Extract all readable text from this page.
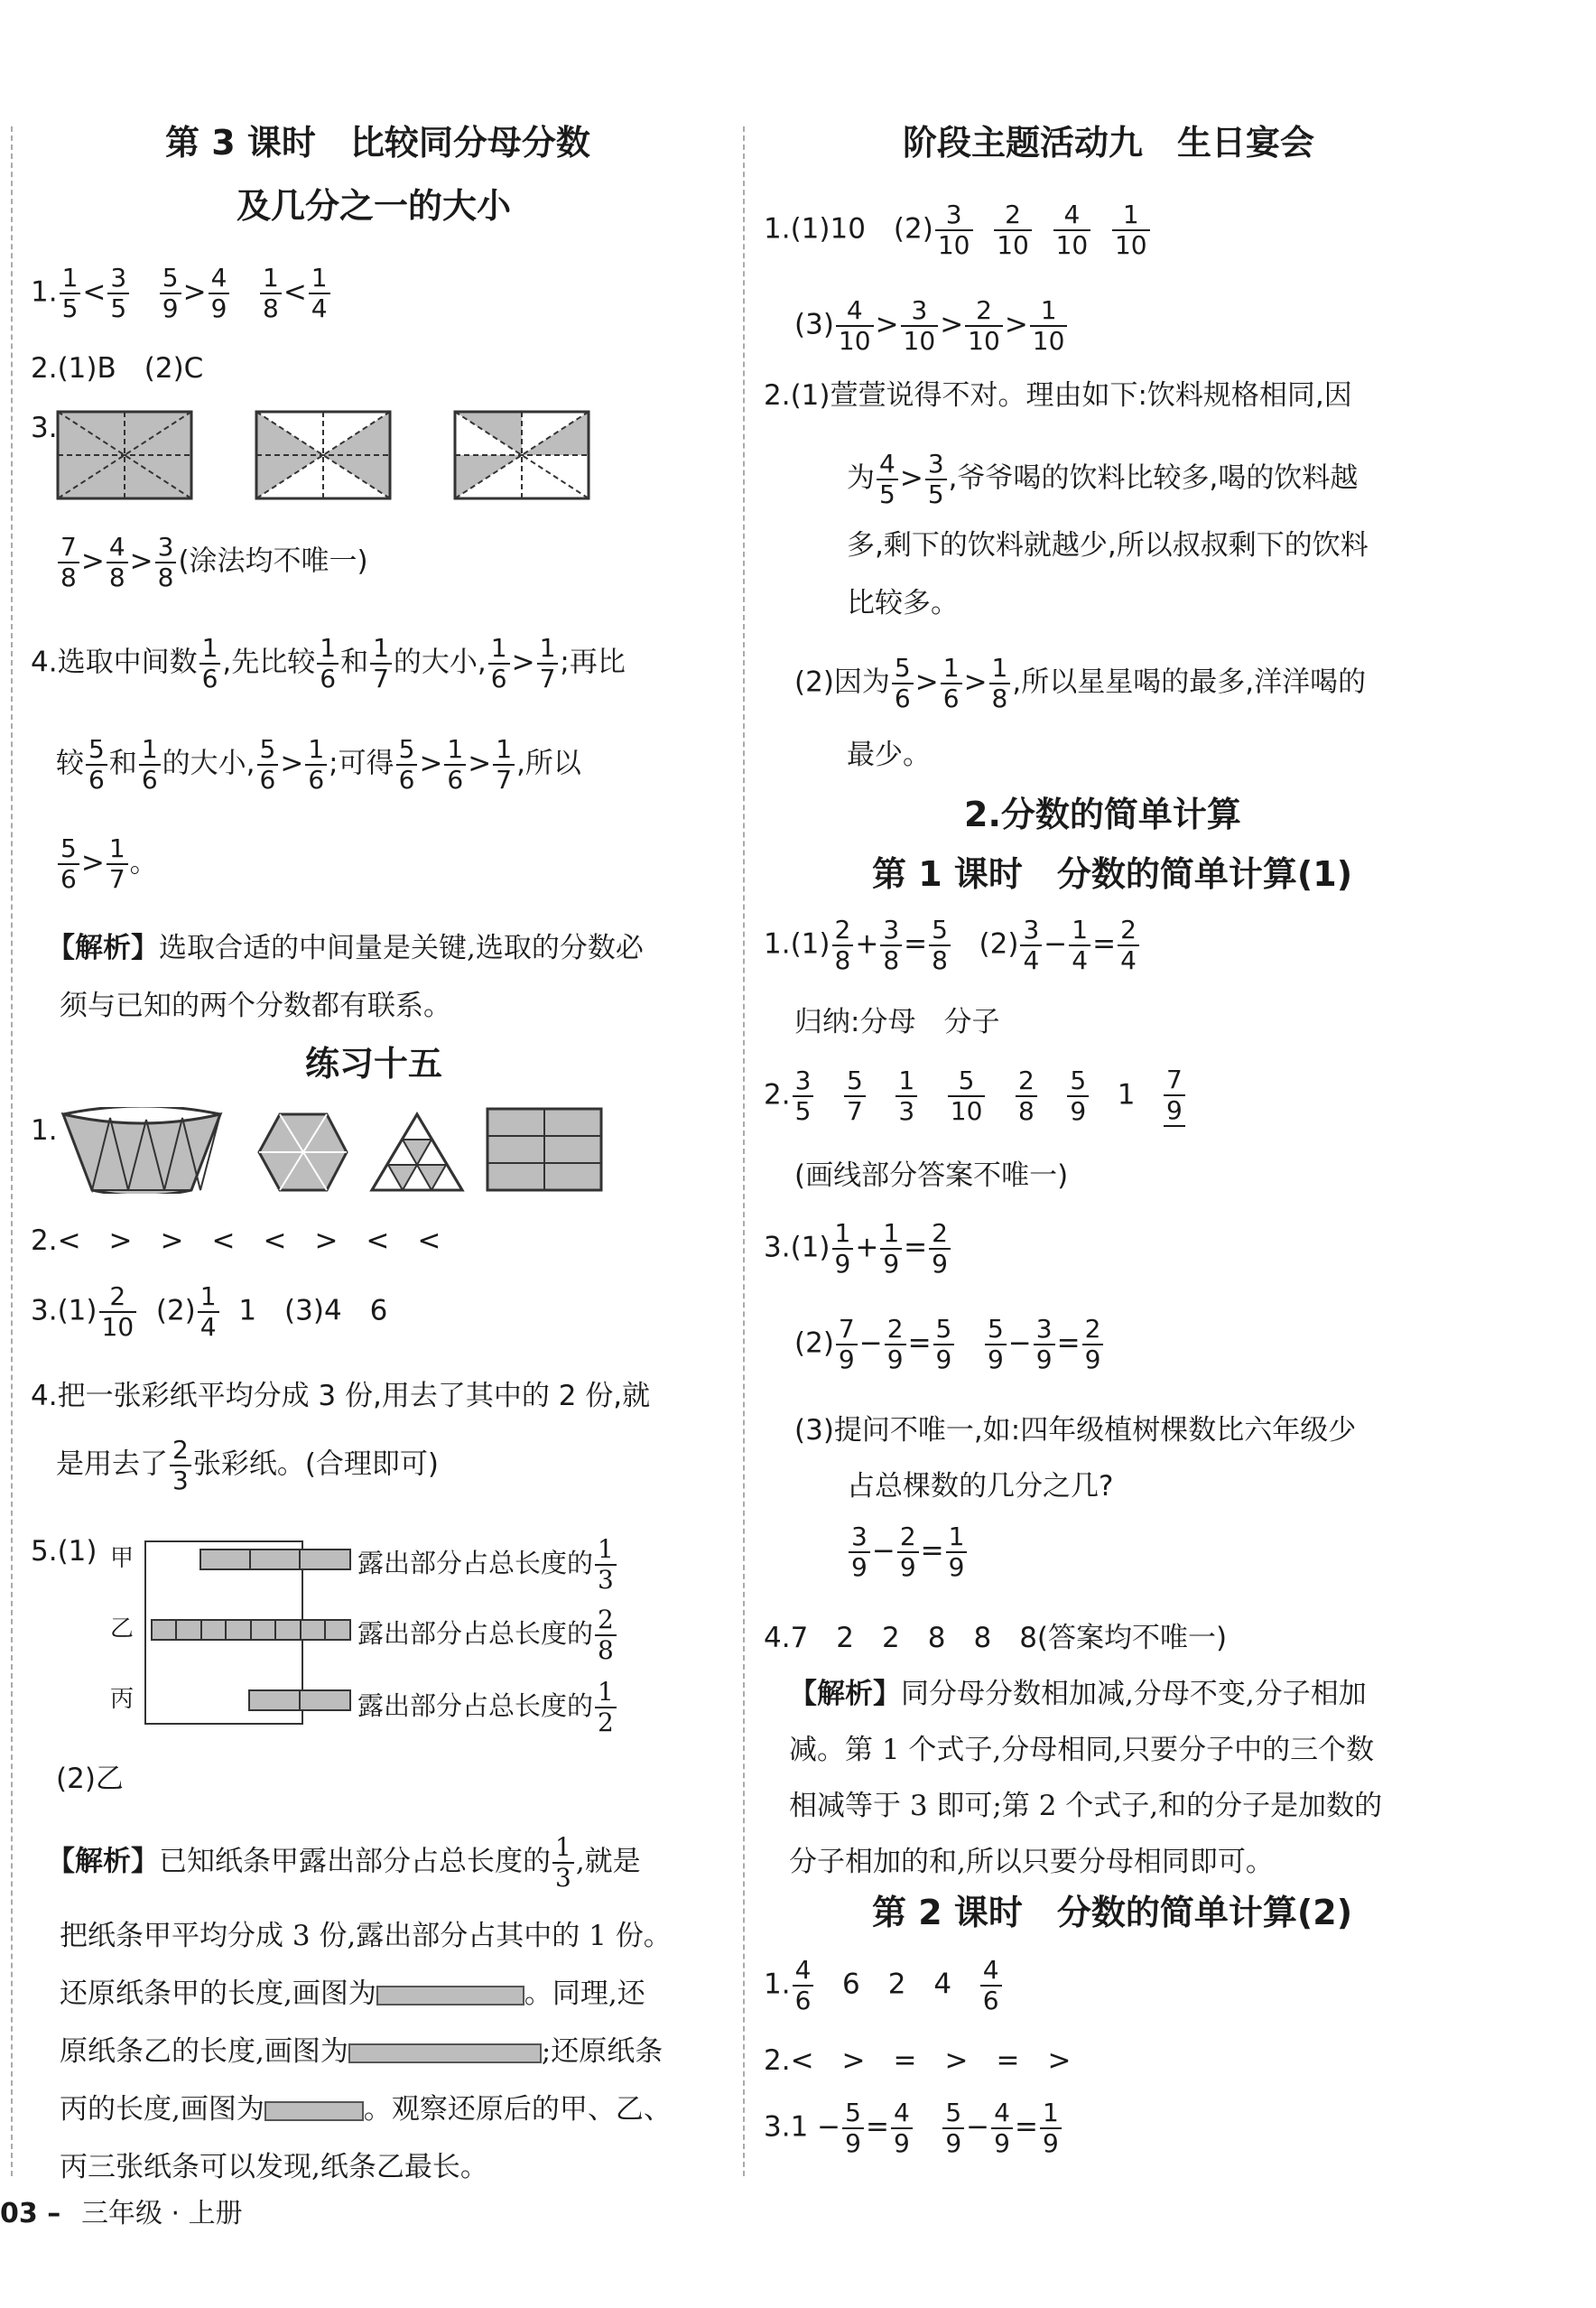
第 3 课时　比较同分母分数
及几分之一的大小
1. $\frac{1}{5} < \frac{3}{5}$
$\frac{5}{9} > \frac{4}{9}$
$\frac{1}{8} < \frac{1}{4}$
2.(1)B　(2)C
3.
$\frac{7}{8} > \frac{4}{8} > \frac{3}{8}$ (涂法均不唯一)
4.选取中间数 $\frac{1}{6}$ ,先比较 $\frac{1}{6}$ 和 $\frac{1}{7}$ 的大小, $\frac{1}{6} > \frac{1}{7}$ ;再比
较 $\frac{5}{6}$ 和 $\frac{1}{6}$ 的大小, $\frac{5}{6} > \frac{1}{6}$ ;可得 $\frac{5}{6} > \frac{1}{6} > \frac{1}{7}$ ,所以
$\frac{5}{6} > \frac{1}{7}$ 。
【解析】选取合适的中间量是关键,选取的分数必
须与已知的两个分数都有联系。
练习十五
1.
2.<　>　>　<　<　>　<　<
$3.(1) \frac{2}{10} (2) \frac{1}{4} 1$　(3)4　6
4.把一张彩纸平均分成 3 份,用去了其中的 2 份,就
是用去了 $\frac{2}{3}$ 张彩纸。(合理即可)
5.(1) 甲
乙
丙
露出部分占总长度的 $\frac{1}{3}$
露出部分占总长度的 $\frac{2}{8}$
露出部分占总长度的 $\frac{1}{2}$
(2)乙
【解析】已知纸条甲露出部分占总长度的 $\frac{1}{3}$ ,就是
把纸条甲平均分成 3 份,露出部分占其中的 1 份。
还原纸条甲的长度,画图为	。同理,还
原纸条乙的长度,画图为	;还原纸条
丙的长度,画图为	。观察还原后的甲、乙、
丙三张纸条可以发现,纸条乙最长。
03 – 三年级 · 上册
阶段主题活动九　生日宴会
1.(1)10　$(2) \frac{3}{10}$
$\frac{2}{10}$
$\frac{4}{10}$
$\frac{1}{10}$
$(3) \frac{4}{10} > \frac{3}{10} > \frac{2}{10} > \frac{1}{10}$
2.(1)萱萱说得不对。理由如下:饮料规格相同,因
为 $\frac{4}{5} > \frac{3}{5}$ ,爷爷喝的饮料比较多,喝的饮料越
多,剩下的饮料就越少,所以叔叔剩下的饮料
比较多。
(2)因为 $\frac{5}{6} > \frac{1}{6} > \frac{1}{8}$ ,所以星星喝的最多,洋洋喝的
最少。
2.分数的简单计算
第 1 课时　分数的简单计算(1)
$1.(1) \frac{2}{8} + \frac{3}{8} = \frac{5}{8} (2) \frac{3}{4} - \frac{1}{4} = \frac{2}{4}$
归纳:分母　分子
2. $\frac{3}{5}$
$\frac{5}{7}$
$\frac{1}{3}$
$\frac{5}{10}$
$\frac{2}{8}$
$\frac{5}{9} 1 \frac{7}{9}$
(画线部分答案不唯一)
$3.(1) \frac{1}{9} + \frac{1}{9} = \frac{2}{9}$
$(2) \frac{7}{9} - \frac{2}{9} = \frac{5}{9}$
$\frac{5}{9} - \frac{3}{9} = \frac{2}{9}$
(3)提问不唯一,如:四年级植树棵数比六年级少
占总棵数的几分之几?
$\frac{3}{9} - \frac{2}{9} = \frac{1}{9}$
4.7　2　2　8　8　8(答案均不唯一)
【解析】同分母分数相加减,分母不变,分子相加
减。第 1 个式子,分母相同,只要分子中的三个数
相减等于 3 即可;第 2 个式子,和的分子是加数的
分子相加的和,所以只要分母相同即可。
第 2 课时　分数的简单计算(2)
1. $\frac{4}{6} 6$　2　$4 \frac{4}{6}$
2.<　>　=　>　=　>
$3.1 - \frac{5}{9} = \frac{4}{9}$
$\frac{5}{9} - \frac{4}{9} = \frac{1}{9}$
